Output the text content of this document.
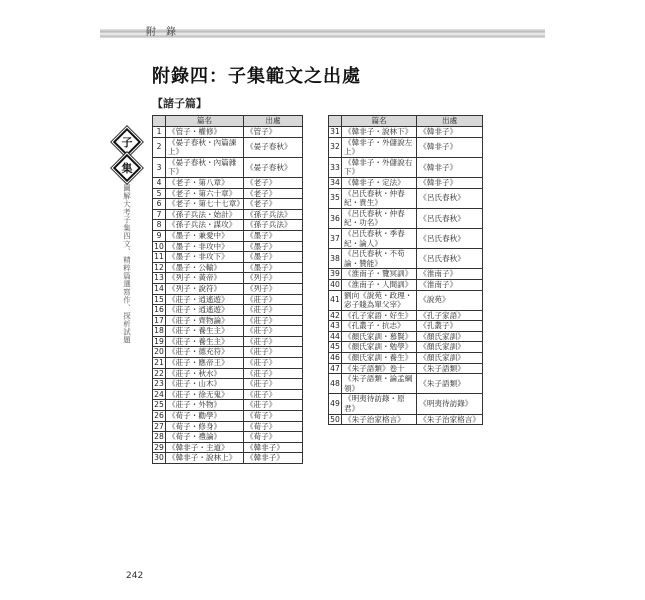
附錄
附錄四：子集範文之出處
【諸子篇】
子
集
圖解大考子集四文、精粹篇選寫作、探析試題
	篇名	出處
1	《管子・權修》	《管子》
2	《晏子春秋・內篇諫上》	《晏子春秋》
3	《晏子春秋・內篇雜下》	《晏子春秋》
4	《老子・第八章》	《老子》
5	《老子・第六十章》	《老子》
6	《老子・第七十七章》	《老子》
7	《孫子兵法・始計》	《孫子兵法》
8	《孫子兵法・謀攻》	《孫子兵法》
9	《墨子・兼愛中》	《墨子》
10	《墨子・非攻中》	《墨子》
11	《墨子・非攻下》	《墨子》
12	《墨子・公輸》	《墨子》
13	《列子・黃帝》	《列子》
14	《列子・說符》	《列子》
15	《莊子・逍遙遊》	《莊子》
16	《莊子・逍遙遊》	《莊子》
17	《莊子・齊物論》	《莊子》
18	《莊子・養生主》	《莊子》
19	《莊子・養生主》	《莊子》
20	《莊子・德充符》	《莊子》
21	《莊子・應帝王》	《莊子》
22	《莊子・秋水》	《莊子》
23	《莊子・山木》	《莊子》
24	《莊子・徐无鬼》	《莊子》
25	《莊子・外物》	《莊子》
26	《荀子・勸學》	《荀子》
27	《荀子・修身》	《荀子》
28	《荀子・禮論》	《荀子》
29	《韓非子・主道》	《韓非子》
30	《韓非子・說林上》	《韓非子》
	篇名	出處
31	《韓非子・說林下》	《韓非子》
32	《韓非子・外儲說左上》	《韓非子》
33	《韓非子・外儲說右下》	《韓非子》
34	《韓非子・定法》	《韓非子》
35	《呂氏春秋・仲春紀・貴生》	《呂氏春秋》
36	《呂氏春秋・仲春紀・功名》	《呂氏春秋》
37	《呂氏春秋・季春紀・論人》	《呂氏春秋》
38	《呂氏春秋・不苟論・贊能》	《呂氏春秋》
39	《淮南子・覽冥訓》	《淮南子》
40	《淮南子・人間訓》	《淮南子》
41	劉向《說苑・政理・宓子賤為單父宰》	《說苑》
42	《孔子家語・好生》	《孔子家語》
43	《孔叢子・抗志》	《孔叢子》
44	《顏氏家訓・慕賢》	《顏氏家訓》
45	《顏氏家訓・勉學》	《顏氏家訓》
46	《顏氏家訓・養生》	《顏氏家訓》
47	《朱子語類》卷十	《朱子語類》
48	《朱子語類・論孟綱領》	《朱子語類》
49	《明夷待訪錄・原君》	《明夷待訪錄》
50	《朱子治家格言》	《朱子治家格言》
242
